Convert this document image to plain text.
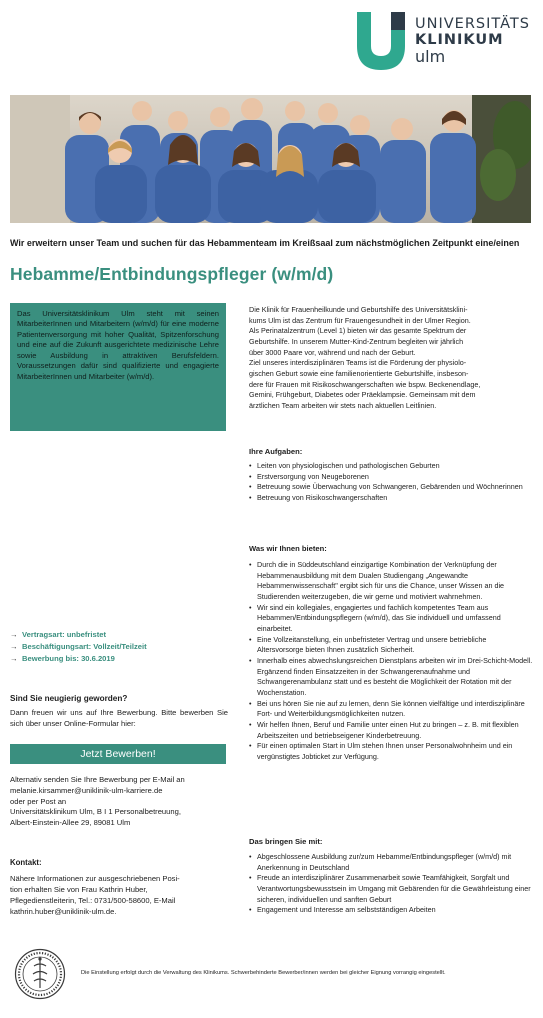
UNIVERSITÄTS
KLINIKUM
ulm
Wir erweitern unser Team und suchen für das Hebammenteam im Kreißsaal zum nächstmöglichen Zeitpunkt eine/einen
Hebamme/Entbindungspfleger (w/m/d)
Das Universitätsklinikum Ulm steht mit seinen MitarbeiterInnen und Mitarbeitern (w/m/d) für eine moderne Patientenversorgung mit hoher Qualität, Spitzenforschung und eine auf die Zukunft ausgerichtete medizinische Lehre sowie Ausbildung in attraktiven Berufsfeldern. Voraussetzungen dafür sind qualifizierte und engagierte MitarbeiterInnen und Mitarbeiter (w/m/d).
→ Vertragsart: unbefristet
→ Beschäftigungsart: Vollzeit/Teilzeit
→ Bewerbung bis: 30.6.2019
Sind Sie neugierig geworden?
Dann freuen wir uns auf Ihre Bewerbung. Bitte bewerben Sie sich über unser Online-Formular hier:
Jetzt Bewerben!
Alternativ senden Sie Ihre Bewerbung per E-Mail an
melanie.kirsammer@uniklinik-ulm-karriere.de
oder per Post an
Universitätsklinikum Ulm, B I 1 Personalbetreuung,
Albert-Einstein-Allee 29, 89081 Ulm
Kontakt:
Nähere Informationen zur ausgeschriebenen Posi-
tion erhalten Sie von Frau Kathrin Huber,
Pflegedienstleiterin, Tel.: 0731/500-58600, E-Mail
kathrin.huber@uniklinik-ulm.de.
Die Klinik für Frauenheilkunde und Geburtshilfe des Universitätsklini-
kums Ulm ist das Zentrum für Frauengesundheit in der Ulmer Region.
Als Perinatalzentrum (Level 1) bieten wir das gesamte Spektrum der
Geburtshilfe. In unserem Mutter-Kind-Zentrum begleiten wir jährlich
über 3000 Paare vor, während und nach der Geburt.
Ziel unseres interdisziplinären Teams ist die Förderung der physiolo-
gischen Geburt sowie eine familienorientierte Geburtshilfe, insbeson-
dere für Frauen mit Risikoschwangerschaften wie bspw. Beckenendlage,
Gemini, Frühgeburt, Diabetes oder Präeklampsie. Gemeinsam mit dem
ärztlichen Team arbeiten wir stets nach aktuellen Leitlinien.
Ihre Aufgaben:
• Leiten von physiologischen und pathologischen Geburten
• Erstversorgung von Neugeborenen
• Betreuung sowie Überwachung von Schwangeren, Gebärenden und Wöchnerinnen
• Betreuung von Risikoschwangerschaften
Was wir Ihnen bieten:
• Durch die in Süddeutschland einzigartige Kombination der Verknüpfung der Hebammenausbildung mit dem Dualen Studiengang „Angewandte Hebammenwissenschaft" ergibt sich für uns die Chance, unser Wissen an die Studierenden weiterzugeben, die wir gerne und motiviert wahrnehmen.
• Wir sind ein kollegiales, engagiertes und fachlich kompetentes Team aus Hebammen/Entbindungspflegern (w/m/d), das Sie individuell und umfassend einarbeitet.
• Eine Vollzeitanstellung, ein unbefristeter Vertrag und unsere betriebliche Altersvorsorge bieten Ihnen zusätzlich Sicherheit.
• Innerhalb eines abwechslungsreichen Dienstplans arbeiten wir im Drei-Schicht-Modell. Ergänzend finden Einsatzzeiten in der Schwangerenaufnahme und Schwangerenambulanz statt und es besteht die Möglichkeit der Rotation mit der Wochenstation.
• Bei uns hören Sie nie auf zu lernen, denn Sie können vielfältige und interdisziplinäre Fort- und Weiterbildungsmöglichkeiten nutzen.
• Wir helfen Ihnen, Beruf und Familie unter einen Hut zu bringen – z. B. mit flexiblen Arbeitszeiten und betriebseigener Kinderbetreuung.
• Für einen optimalen Start in Ulm stehen Ihnen unser Personalwohnheim und ein vergünstigtes Jobticket zur Verfügung.
Das bringen Sie mit:
• Abgeschlossene Ausbildung zur/zum Hebamme/Entbindungspfleger (w/m/d) mit Anerkennung in Deutschland
• Freude an interdisziplinärer Zusammenarbeit sowie Teamfähigkeit, Sorgfalt und Verantwortungsbewusstsein im Umgang mit Gebärenden für die Gewährleistung einer sicheren, individuellen und sanften Geburt
• Engagement und Interesse am selbstständigen Arbeiten
Die Einstellung erfolgt durch die Verwaltung des Klinikums. Schwerbehinderte Bewerber/innen werden bei gleicher Eignung vorrangig eingestellt.
